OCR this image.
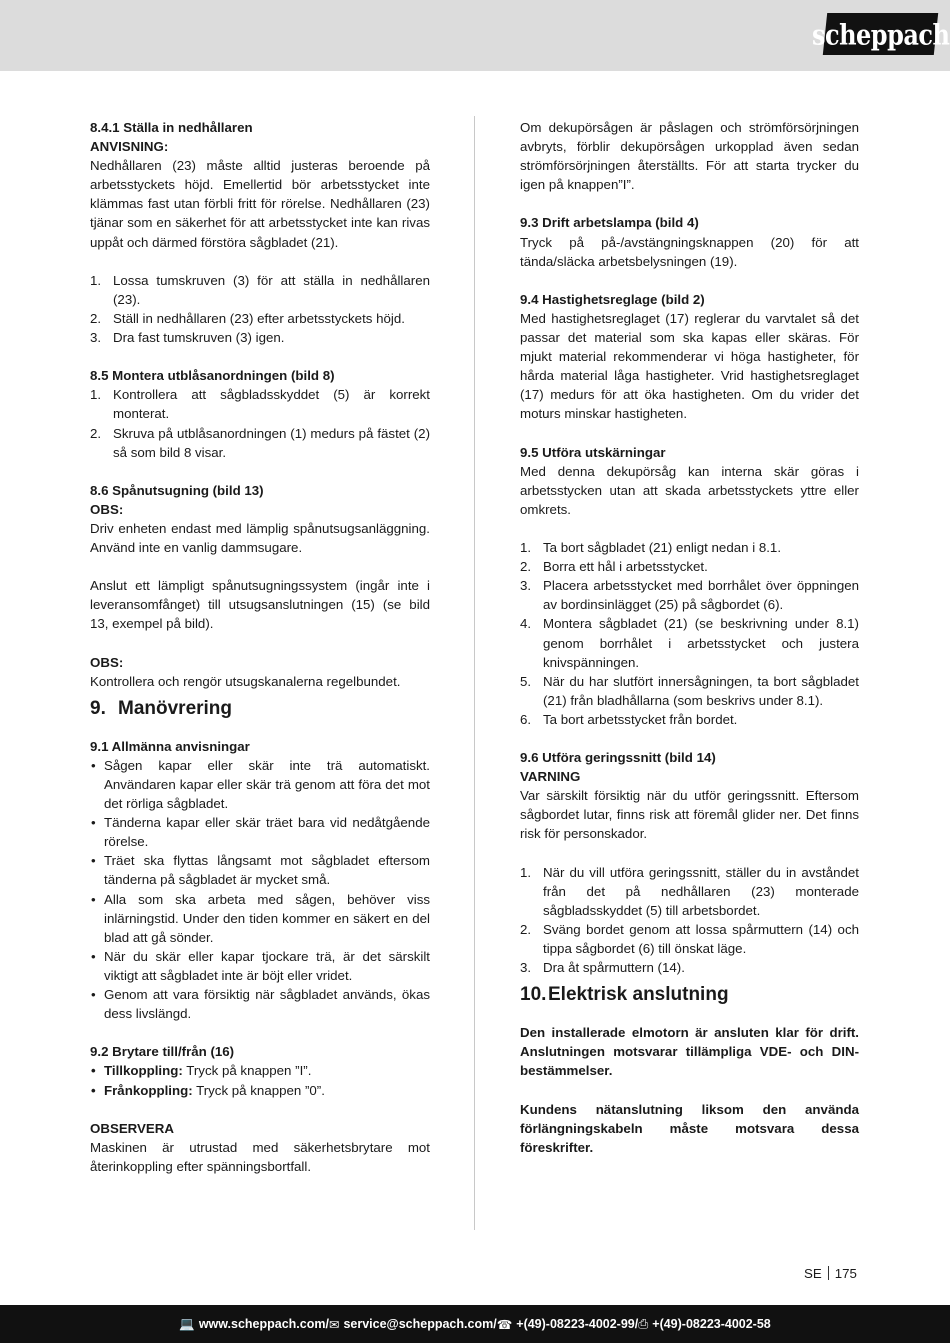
scheppach

8.4.1 Ställa in nedhållaren

ANVISNING:

Nedhållaren (23) måste alltid justeras beroende på arbetsstyckets höjd. Emellertid bör arbetsstycket inte klämmas fast utan förbli fritt för rörelse. Nedhållaren (23) tjänar som en säkerhet för att arbetsstycket inte kan rivas uppåt och därmed förstöra sågbladet (21).

1. Lossa tumskruven (3) för att ställa in nedhållaren (23).
2. Ställ in nedhållaren (23) efter arbetsstyckets höjd.
3. Dra fast tumskruven (3) igen.

8.5 Montera utblåsanordningen (bild 8)

1. Kontrollera att sågbladsskyddet (5) är korrekt monterat.
2. Skruva på utblåsanordningen (1) medurs på fästet (2) så som bild 8 visar.

8.6 Spånutsugning (bild 13)

OBS:

Driv enheten endast med lämplig spånutsugsanläggning. Använd inte en vanlig dammsugare.

Anslut ett lämpligt spånutsugningssystem (ingår inte i leveransomfånget) till utsugsanslutningen (15) (se bild 13, exempel på bild).

OBS:

Kontrollera och rengör utsugskanalerna regelbundet.

9. Manövrering

9.1 Allmänna anvisningar

• Sågen kapar eller skär inte trä automatiskt. Användaren kapar eller skär trä genom att föra det mot det rörliga sågbladet.
• Tänderna kapar eller skär träet bara vid nedåtgående rörelse.
• Träet ska flyttas långsamt mot sågbladet eftersom tänderna på sågbladet är mycket små.
• Alla som ska arbeta med sågen, behöver viss inlärningstid. Under den tiden kommer en säkert en del blad att gå sönder.
• När du skär eller kapar tjockare trä, är det särskilt viktigt att sågbladet inte är böjt eller vridet.
• Genom att vara försiktig när sågbladet används, ökas dess livslängd.

9.2 Brytare till/från (16)

• Tillkoppling: Tryck på knappen ”I”.
• Frånkoppling: Tryck på knappen ”0”.

OBSERVERA

Maskinen är utrustad med säkerhetsbrytare mot återinkoppling efter spänningsbortfall.

Om dekupörsågen är påslagen och strömförsörjningen avbryts, förblir dekupörsågen urkopplad även sedan strömförsörjningen återställts. För att starta trycker du igen på knappen”I”.

9.3 Drift arbetslampa (bild 4)

Tryck på på-/avstängningsknappen (20) för att tända/släcka arbetsbelysningen (19).

9.4 Hastighetsreglage (bild 2)

Med hastighetsreglaget (17) reglerar du varvtalet så det passar det material som ska kapas eller skäras. För mjukt material rekommenderar vi höga hastigheter, för hårda material låga hastigheter. Vrid hastighetsreglaget (17) medurs för att öka hastigheten. Om du vrider det moturs minskar hastigheten.

9.5 Utföra utskärningar

Med denna dekupörsåg kan interna skär göras i arbetsstycken utan att skada arbetsstyckets yttre eller omkrets.

1. Ta bort sågbladet (21) enligt nedan i 8.1.
2. Borra ett hål i arbetsstycket.
3. Placera arbetsstycket med borrhålet över öppningen av bordinsinlägget (25) på sågbordet (6).
4. Montera sågbladet (21) (se beskrivning under 8.1) genom borrhålet i arbetsstycket och justera knivspänningen.
5. När du har slutfört innersågningen, ta bort sågbladet (21) från bladhållarna (som beskrivs under 8.1).
6. Ta bort arbetsstycket från bordet.

9.6 Utföra geringssnitt (bild 14)

VARNING

Var särskilt försiktig när du utför geringssnitt. Eftersom sågbordet lutar, finns risk att föremål glider ner. Det finns risk för personskador.

1. När du vill utföra geringssnitt, ställer du in avståndet från det på nedhållaren (23) monterade sågbladsskyddet (5) till arbetsbordet.
2. Sväng bordet genom att lossa spårmuttern (14) och tippa sågbordet (6) till önskat läge.
3. Dra åt spårmuttern (14).
10.Elektrisk anslutning

Den installerade elmotorn är ansluten klar för drift. Anslutningen motsvarar tillämpliga VDE- och DIN-bestämmelser.

Kundens nätanslutning liksom den använda förlängningskabeln måste motsvara dessa föreskrifter.

SE 175
💻 www.scheppach.com / ✉ service@scheppach.com / ☎ +(49)-08223-4002-99 / ⎙ +(49)-08223-4002-58
